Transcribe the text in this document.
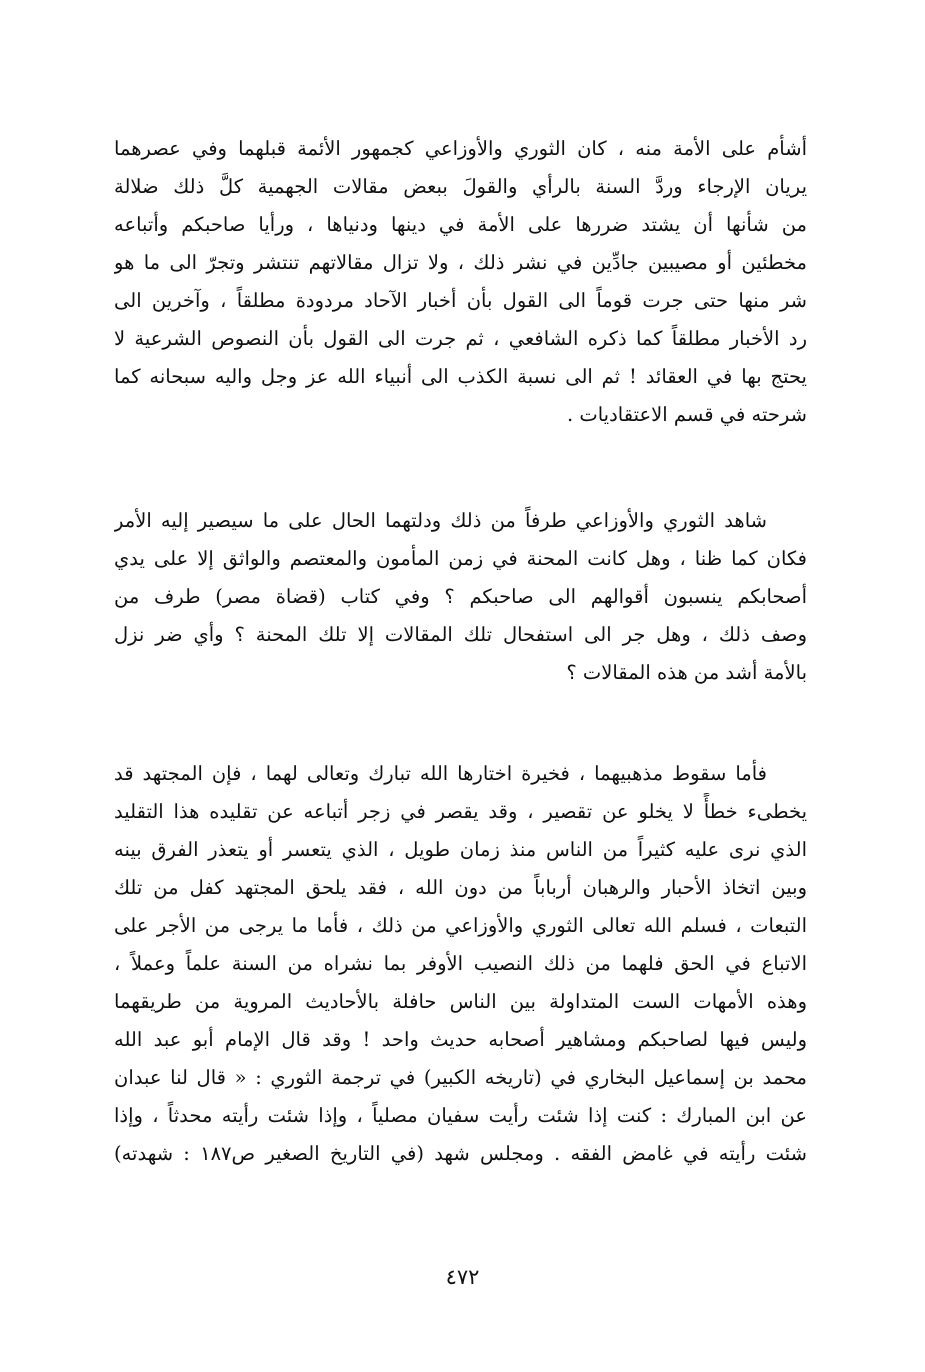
أشأم على الأمة منه ، كان الثوري والأوزاعي كجمهور الأئمة قبلهما وفي عصرهما
يريان الإرجاء وردَّ السنة بالرأي والقولَ ببعض مقالات الجهمية كلَّ ذلك ضلالة
من شأنها أن يشتد ضررها على الأمة في دينها ودنياها ، ورأيا صاحبكم وأتباعه
مخطئين أو مصيبين جادِّين في نشر ذلك ، ولا تزال مقالاتهم تنتشر وتجرّ الى ما هو
شر منها حتى جرت قوماً الى القول بأن أخبار الآحاد مردودة مطلقاً ، وآخرين الى
رد الأخبار مطلقاً كما ذكره الشافعي ، ثم جرت الى القول بأن النصوص الشرعية لا
يحتج بها في العقائد ! ثم الى نسبة الكذب الى أنبياء الله عز وجل واليه سبحانه كما
شرحته في قسم الاعتقاديات .
شاهد الثوري والأوزاعي طرفاً من ذلك ودلتهما الحال على ما سيصير إليه الأمر
فكان كما ظنا ، وهل كانت المحنة في زمن المأمون والمعتصم والواثق إلا على يدي
أصحابكم ينسبون أقوالهم الى صاحبكم ؟ وفي كتاب (قضاة مصر) طرف من
وصف ذلك ، وهل جر الى استفحال تلك المقالات إلا تلك المحنة ؟ وأي ضر نزل
بالأمة أشد من هذه المقالات ؟
فأما سقوط مذهبيهما ، فخيرة اختارها الله تبارك وتعالى لهما ، فإن المجتهد قد
يخطىء خطأً لا يخلو عن تقصير ، وقد يقصر في زجر أتباعه عن تقليده هذا التقليد
الذي نرى عليه كثيراً من الناس منذ زمان طويل ، الذي يتعسر أو يتعذر الفرق بينه
وبين اتخاذ الأحبار والرهبان أرباباً من دون الله ، فقد يلحق المجتهد كفل من تلك
التبعات ، فسلم الله تعالى الثوري والأوزاعي من ذلك ، فأما ما يرجى من الأجر على
الاتباع في الحق فلهما من ذلك النصيب الأوفر بما نشراه من السنة علماً وعملاً ،
وهذه الأمهات الست المتداولة بين الناس حافلة بالأحاديث المروية من طريقهما
وليس فيها لصاحبكم ومشاهير أصحابه حديث واحد ! وقد قال الإمام أبو عبد الله
محمد بن إسماعيل البخاري في (تاريخه الكبير) في ترجمة الثوري : « قال لنا عبدان
عن ابن المبارك : كنت إذا شئت رأيت سفيان مصلياً ، وإذا شئت رأيته محدثاً ، وإذا
شئت رأيته في غامض الفقه . ومجلس شهد (في التاريخ الصغير ص١٨٧ : شهدته)
٤٧٢
